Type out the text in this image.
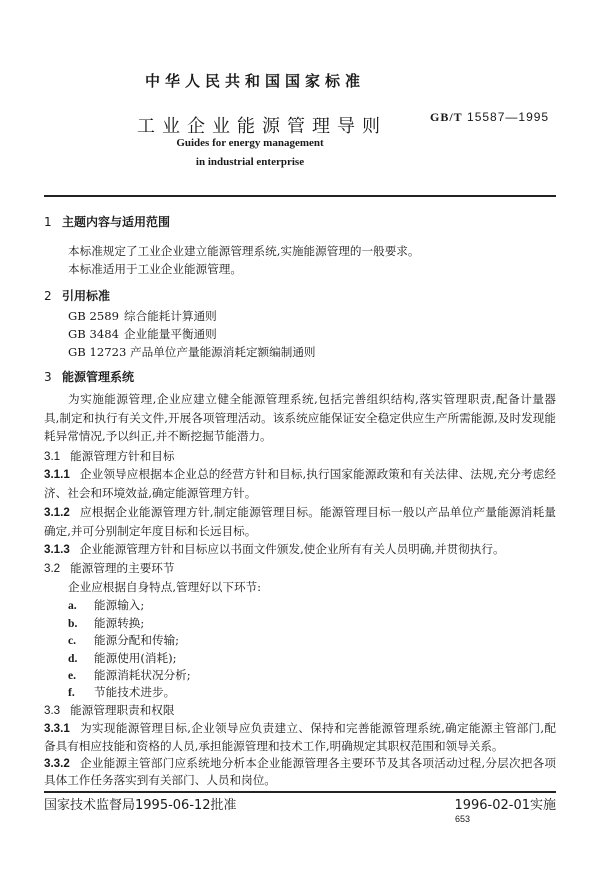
中华人民共和国国家标准
工业企业能源管理导则	GB/T 15587—1995
Guides for energy management
in industrial enterprise
1 主题内容与适用范围
本标准规定了工业企业建立能源管理系统,实施能源管理的一般要求。
本标准适用于工业企业能源管理。
2 引用标准
GB 2589 综合能耗计算通则
GB 3484 企业能量平衡通则
GB 12723 产品单位产量能源消耗定额编制通则
3 能源管理系统
为实施能源管理,企业应建立健全能源管理系统,包括完善组织结构,落实管理职责,配备计量器
具,制定和执行有关文件,开展各项管理活动。该系统应能保证安全稳定供应生产所需能源,及时发现能
耗异常情况,予以纠正,并不断挖掘节能潜力。
3.1 能源管理方针和目标
3.1.1 企业领导应根据本企业总的经营方针和目标,执行国家能源政策和有关法律、法规,充分考虑经
济、社会和环境效益,确定能源管理方针。
3.1.2 应根据企业能源管理方针,制定能源管理目标。能源管理目标一般以产品单位产量能源消耗量
确定,并可分别制定年度目标和长远目标。
3.1.3 企业能源管理方针和目标应以书面文件颁发,使企业所有有关人员明确,并贯彻执行。
3.2 能源管理的主要环节
企业应根据自身特点,管理好以下环节:
a. 能源输入;
b. 能源转换;
c. 能源分配和传输;
d. 能源使用(消耗);
e. 能源消耗状况分析;
f. 节能技术进步。
3.3 能源管理职责和权限
3.3.1 为实现能源管理目标,企业领导应负责建立、保持和完善能源管理系统,确定能源主管部门,配
备具有相应技能和资格的人员,承担能源管理和技术工作,明确规定其职权范围和领导关系。
3.3.2 企业能源主管部门应系统地分析本企业能源管理各主要环节及其各项活动过程,分层次把各项
具体工作任务落实到有关部门、人员和岗位。
国家技术监督局1995-06-12批准	1996-02-01实施
653
